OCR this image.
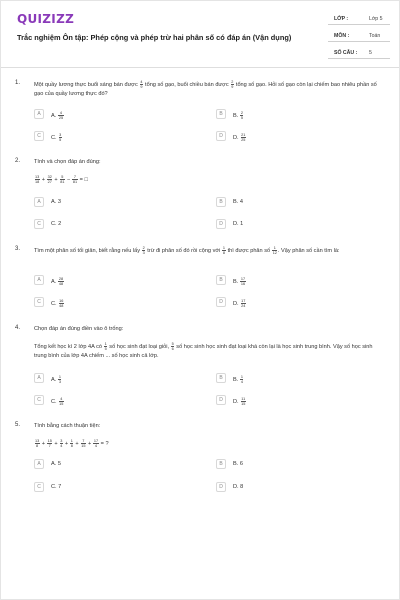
QUIZIZZ
Trắc nghiệm Ôn tập: Phép cộng và phép trừ hai phân số có đáp án (Vận dụng)
LỚP :	Lớp 5
MÔN :	Toán
SỐ CÂU : 5
1. Một quầy lương thực buổi sáng bán được $\frac{4}{9}$ tổng số gạo, buổi chiều bán được $\frac{2}{9}$ tổng số gạo. Hỏi số gạo còn lại chiếm bao nhiêu phần số gạo của quầy lương thực đó?
A	A. $\frac{4}{25}$	B	B. $\frac{2}{5}$
C	C. $\frac{3}{5}$	D	D. $\frac{21}{25}$
2. Tính và chọn đáp án đúng:
$\frac{13}{18} + \frac{32}{27} + \frac{5}{81} - \frac{7}{81}$ = □
A	A. 3	B	B. 4
C	C. 2	D	D. 1
3. Tìm một phân số tối giản, biết rằng nếu lấy $\frac{2}{3}$ trừ đi phân số đó rồi cộng với $\frac{1}{8}$ thì được phân số $\frac{1}{12}$ . Vậy phân số cần tìm là:
A	A. $\frac{28}{48}$	B	B. $\frac{17}{16}$
C	C. $\frac{16}{48}$	D	D. $\frac{17}{24}$
4. Chọn đáp án đúng điền vào ô trống:
Tổng kết học kì 2 lớp 4A có $\frac{1}{5}$ số học sinh đạt loại giỏi, $\frac{5}{6}$ số học sinh học sinh đạt loại khá còn lại là học sinh trung bình. Vậy số học sinh trung bình của lớp 4A chiếm ... số học sinh cả lớp.
A	A. $\frac{1}{3}$	B	B. $\frac{1}{4}$
C	C. $\frac{4}{15}$	D	D. $\frac{11}{15}$
5. Tính bằng cách thuận tiện:
$\frac{13}{8} + \frac{15}{7} + \frac{3}{4} + \frac{1}{8} + \frac{7}{15} + \frac{17}{4}$ = ?
A	A. 5	B	B. 6
C	C. 7	D	D. 8
